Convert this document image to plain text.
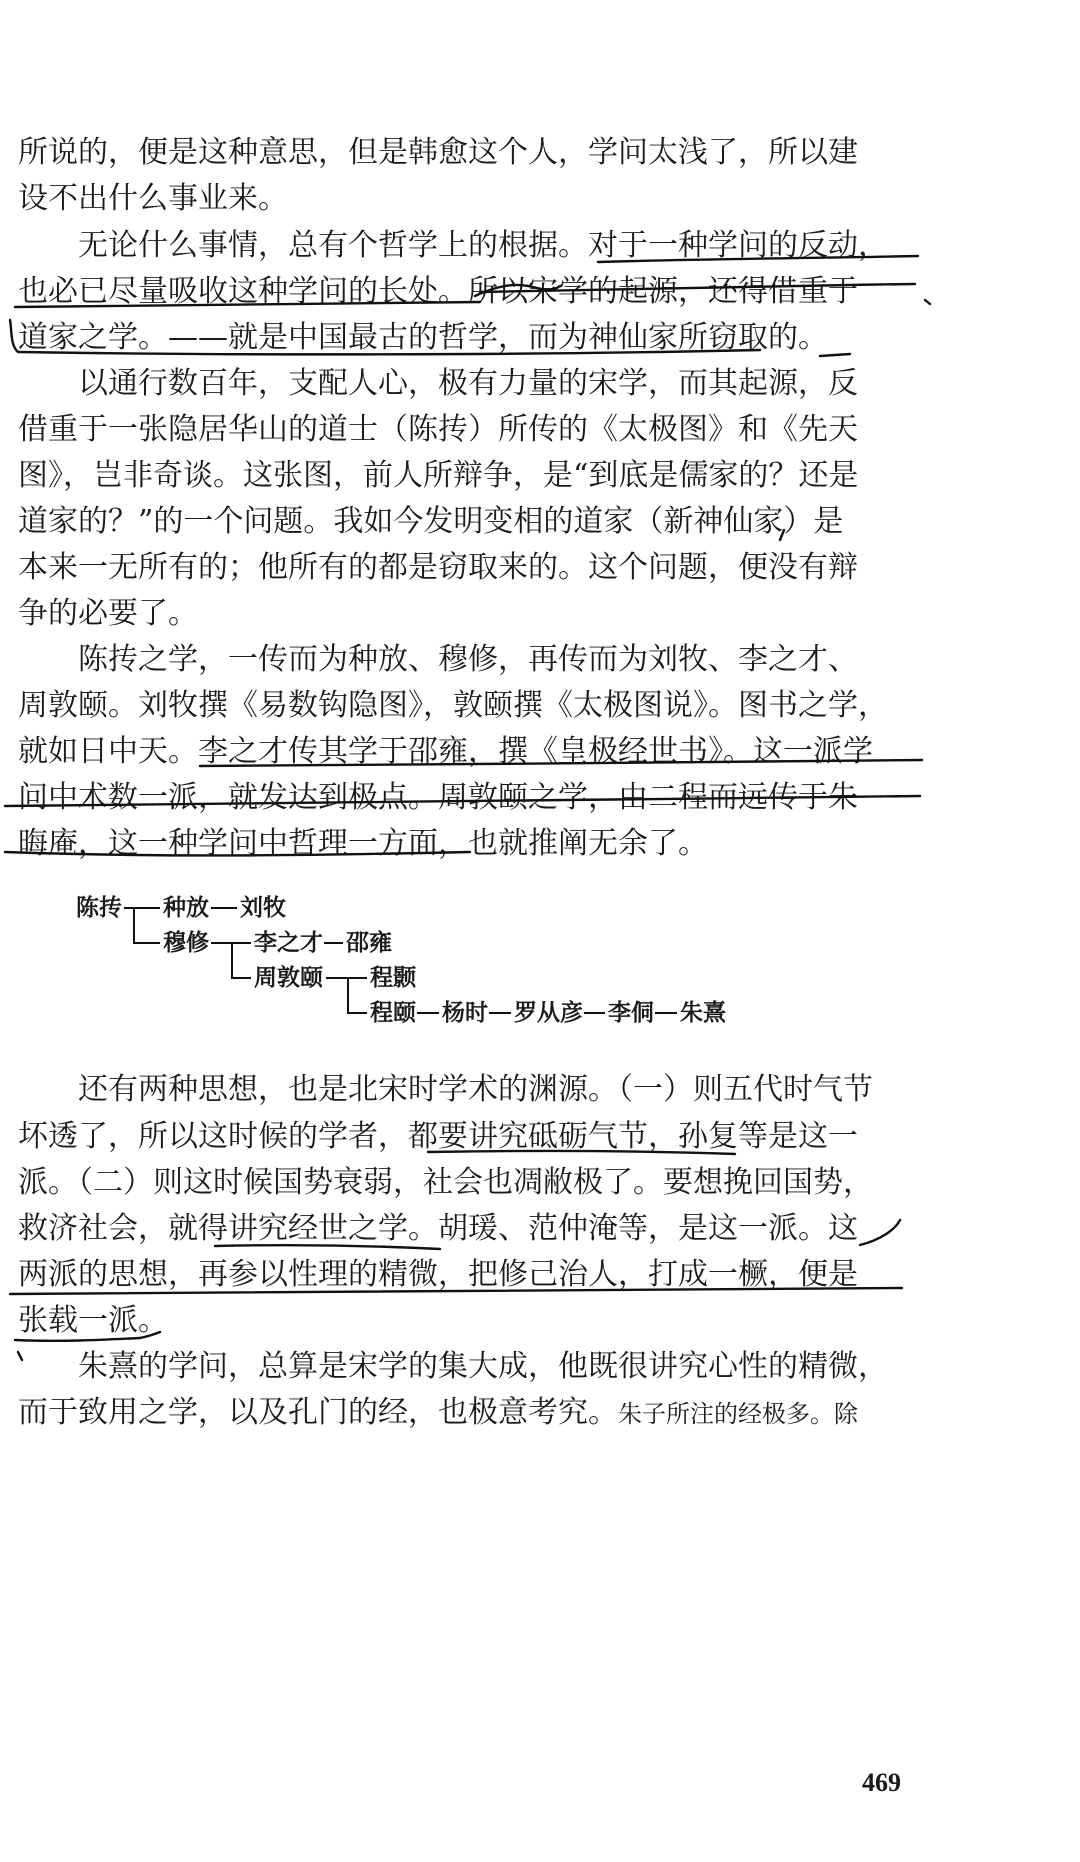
所说的，便是这种意思，但是韩愈这个人，学问太浅了，所以建
设不出什么事业来。
　　无论什么事情，总有个哲学上的根据。对于一种学问的反动，
也必已尽量吸收这种学问的长处。所以宋学的起源，还得借重于
道家之学。——就是中国最古的哲学，而为神仙家所窃取的。
　　以通行数百年，支配人心，极有力量的宋学，而其起源，反
借重于一张隐居华山的道士（陈抟）所传的《太极图》和《先天
图》，岂非奇谈。这张图，前人所辩争，是“到底是儒家的？还是
道家的？”的一个问题。我如今发明变相的道家（新神仙家）是
本来一无所有的；他所有的都是窃取来的。这个问题，便没有辩
争的必要了。
　　陈抟之学，一传而为种放、穆修，再传而为刘牧、李之才、
周敦颐。刘牧撰《易数钩隐图》，敦颐撰《太极图说》。图书之学，
就如日中天。李之才传其学于邵雍，撰《皇极经世书》。这一派学
问中术数一派，就发达到极点。周敦颐之学，由二程而远传于朱
晦庵，这一种学问中哲理一方面，也就推阐无余了。
陈抟 种放 刘牧
穆修 李之才 邵雍
周敦颐 程颢
程颐 杨时 罗从彦 李侗 朱熹
　　还有两种思想，也是北宋时学术的渊源。（一）则五代时气节
坏透了，所以这时候的学者，都要讲究砥砺气节，孙复等是这一
派。（二）则这时候国势衰弱，社会也凋敝极了。要想挽回国势，
救济社会，就得讲究经世之学。胡瑗、范仲淹等，是这一派。这
两派的思想，再参以性理的精微，把修己治人，打成一橛，便是
张载一派。
　　朱熹的学问，总算是宋学的集大成，他既很讲究心性的精微，
而于致用之学，以及孔门的经，也极意考究。朱子所注的经极多。除
469
